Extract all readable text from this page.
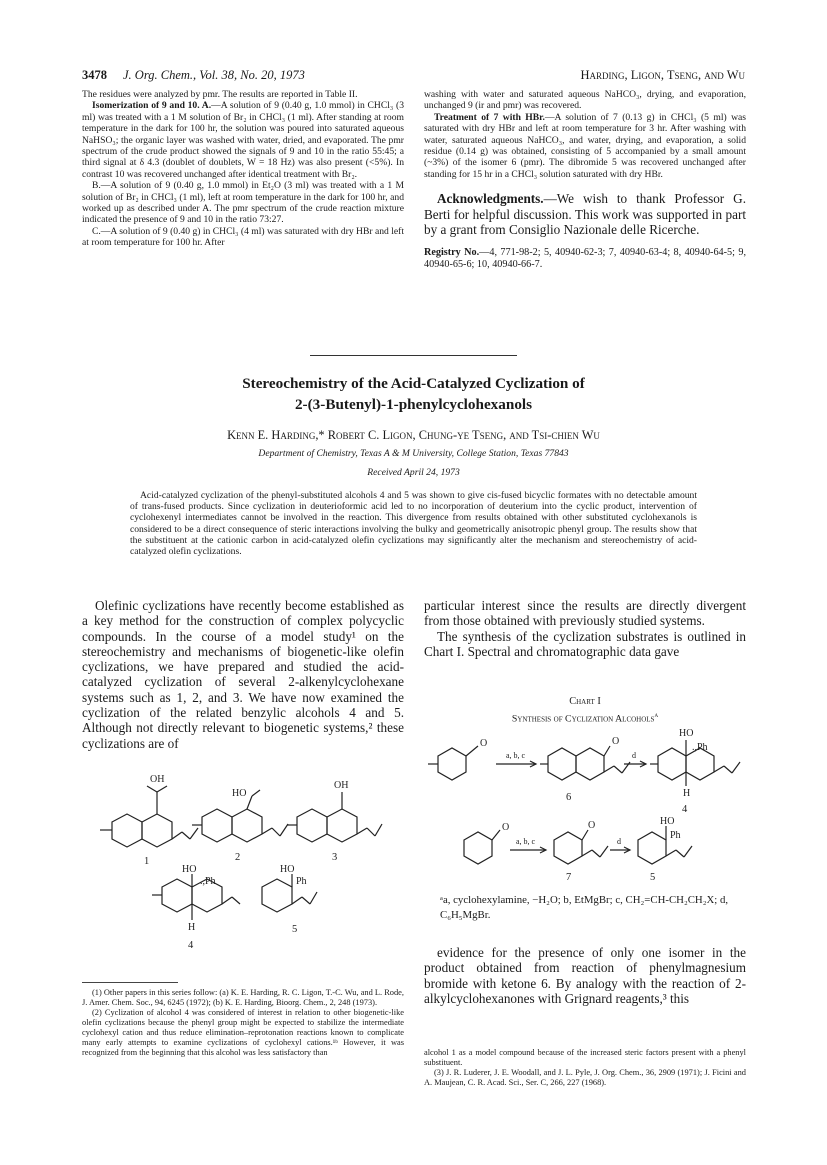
3478 J. Org. Chem., Vol. 38, No. 20, 1973	Harding, Ligon, Tseng, and Wu

The residues were analyzed by pmr. The results are reported in Table II.

Isomerization of 9 and 10. A.—A solution of 9 (0.40 g, 1.0 mmol) in CHCl₃ (3 ml) was treated with a 1 M solution of Br₂ in CHCl₃ (1 ml). After standing at room temperature in the dark for 100 hr, the solution was poured into saturated aqueous NaHSO₃; the organic layer was washed with water, dried, and evaporated. The pmr spectrum of the crude product showed the signals of 9 and 10 in the ratio 55:45; a third signal at δ 4.3 (doublet of doublets, W = 18 Hz) was also present (<5%). In contrast 10 was recovered unchanged after identical treatment with Br₂.

B.—A solution of 9 (0.40 g, 1.0 mmol) in Et₂O (3 ml) was treated with a 1 M solution of Br₂ in CHCl₃ (1 ml), left at room temperature in the dark for 100 hr, and worked up as described under A. The pmr spectrum of the crude reaction mixture indicated the presence of 9 and 10 in the ratio 73:27.

C.—A solution of 9 (0.40 g) in CHCl₃ (4 ml) was saturated with dry HBr and left at room temperature for 100 hr. After

washing with water and saturated aqueous NaHCO₃, drying, and evaporation, unchanged 9 (ir and pmr) was recovered.

Treatment of 7 with HBr.—A solution of 7 (0.13 g) in CHCl₃ (5 ml) was saturated with dry HBr and left at room temperature for 3 hr. After washing with water, saturated aqueous NaHCO₃, and water, drying, and evaporation, a solid residue (0.14 g) was obtained, consisting of 5 accompanied by a small amount (~3%) of the isomer 6 (pmr). The dibromide 5 was recovered unchanged after standing for 15 hr in a CHCl₃ solution saturated with dry HBr.

Acknowledgments.—We wish to thank Professor G. Berti for helpful discussion. This work was supported in part by a grant from Consiglio Nazionale delle Ricerche.

Registry No.—4, 771-98-2; 5, 40940-62-3; 7, 40940-63-4; 8, 40940-64-5; 9, 40940-65-6; 10, 40940-66-7.

Stereochemistry of the Acid-Catalyzed Cyclization of
2-(3-Butenyl)-1-phenylcyclohexanols
Kenn E. Harding,* Robert C. Ligon, Chung-ye Tseng, and Tsi-chien Wu
Department of Chemistry, Texas A & M University, College Station, Texas 77843
Received April 24, 1973

Acid-catalyzed cyclization of the phenyl-substituted alcohols 4 and 5 was shown to give cis-fused bicyclic formates with no detectable amount of trans-fused products. Since cyclization in deuterioformic acid led to no incorporation of deuterium into the cyclic product, intervention of cyclohexenyl intermediates cannot be involved in the reaction. This divergence from results obtained with other substituted cyclohexanols is considered to be a direct consequence of steric interactions involving the bulky and geometrically anisotropic phenyl group. The results show that the substituent at the cationic carbon in acid-catalyzed olefin cyclizations may significantly alter the mechanism and stereochemistry of acid-catalyzed olefin cyclizations.

Olefinic cyclizations have recently become established as a key method for the construction of complex polycyclic compounds. In the course of a model study¹ on the stereochemistry and mechanisms of biogenetic-like olefin cyclizations, we have prepared and studied the acid-catalyzed cyclization of several 2-alkenylcyclohexane systems such as 1, 2, and 3. We have now examined the cyclization of the related benzylic alcohols 4 and 5. Although not directly relevant to biogenetic systems,² these cyclizations are of

particular interest since the results are directly divergent from those obtained with previously studied systems.

The synthesis of the cyclization substrates is outlined in Chart I. Spectral and chromatographic data gave

OH
HO
OH
HO
.,Ph
H
HO
Ph
1	2	3
4
5
Chart I
Synthesis of Cyclization Alcohols$^a$
O
a, b, c
O
d
HO
.,Ph
H
6
4
O
a, b, c
O
d
HO
Ph
7	5
ᵃa, cyclohexylamine, −H₂O; b, EtMgBr; c, CH₂=CH-CH₂CH₂X; d, C₆H₅MgBr.

evidence for the presence of only one isomer in the product obtained from reaction of phenylmagnesium bromide with ketone 6. By analogy with the reaction of 2-alkylcyclohexanones with Grignard reagents,³ this

(1) Other papers in this series follow: (a) K. E. Harding, R. C. Ligon, T.-C. Wu, and L. Rode, J. Amer. Chem. Soc., 94, 6245 (1972); (b) K. E. Harding, Bioorg. Chem., 2, 248 (1973).

(2) Cyclization of alcohol 4 was considered of interest in relation to other biogenetic-like olefin cyclizations because the phenyl group might be expected to stabilize the intermediate cyclohexyl cation and thus reduce elimination–reprotonation reactions known to complicate many early attempts to examine cyclizations of cyclohexyl cations.¹ᵇ However, it was recognized from the beginning that this alcohol was less satisfactory than	alcohol 1 as a model compound because of the increased steric factors present with a phenyl substituent.

(3) J. R. Luderer, J. E. Woodall, and J. L. Pyle, J. Org. Chem., 36, 2909 (1971); J. Ficini and A. Maujean, C. R. Acad. Sci., Ser. C, 266, 227 (1968).
